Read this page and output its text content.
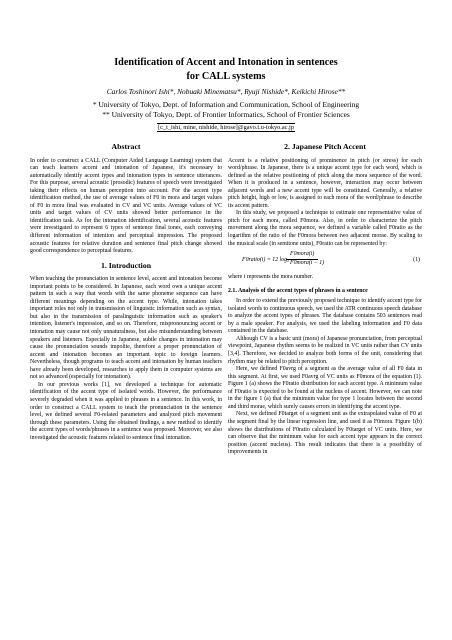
Identification of Accent and Intonation in sentences
for CALL systems
Carlos Toshinori Ishi*, Nobuaki Minematsu*, Ryuji Nishide*, Keikichi Hirose**
* University of Tokyo, Dept. of Information and Communication, School of Engineering
** University of Tokyo, Dept. of Frontier Informatics, School of Frontier Sciences
[c_t_ishi, mine, nishide, hirose]@gavo.t.u-tokyo.ac.jp
Abstract

In order to construct a CALL (Computer Aided Language Learning) system that can teach learners accent and intonation of Japanese, it's necessary to automatically identify accent types and intonation types in sentence utterances. For this purpose, several acoustic (prosodic) features of speech were investigated taking their effects on human perception into account. For the accent type identification method, the use of average values of F0 in mora and target values of F0 in mora final was evaluated in CV and VC units. Average values of VC units and target values of CV units showed better performance in the identification task. As for the intonation identification, several acoustic features were investigated to represent 6 types of sentence final tones, each conveying different information of intention and perceptual impression. The proposed acoustic features for relative duration and sentence final pitch change showed good correspondence to perceptual features.

1. Introduction

When teaching the pronunciation in sentence level, accent and intonation become important points to be considered. In Japanese, each word own a unique accent pattern in such a way that words with the same phoneme sequence can have different meanings depending on the accent type. While, intonation takes important roles not only in transmission of linguistic information such as syntax, but also in the transmission of paralinguistic information such as speaker's intention, listener's impression, and so on. Therefore, mispronouncing accent or intonation may cause not only unnaturalness, but also misunderstanding between speakers and listeners. Especially in Japanese, subtle changes in intonation may cause the pronunciation sounds impolite, therefore a proper pronunciation of accent and intonation becomes an important topic to foreign learners. Nevertheless, though programs to teach accent and intonation by human teachers have already been developed, researches to apply them in computer systems are not so advanced (especially for intonation).

In our previous works [1], we developed a technique for automatic identification of the accent type of isolated words. However, the performance severely degraded when it was applied to phrases in a sentence. In this work, in order to construct a CALL system to teach the pronunciation in the sentence level, we defined several F0-related parameters and analyzed pitch movement through these parameters. Using the obtained findings, a new method to identify the accent types of words/phrases in a sentence was proposed. Moreover, we also investigated the acoustic features related to sentence final intonation.

2. Japanese Pitch Accent

Accent is a relative positioning of prominence in pitch (or stress) for each word/phrase. In Japanese, there is a unique accent type for each word, which is defined as the relative positioning of pitch along the mora sequence of the word. When it is produced in a sentence, however, interaction may occur between adjacent words and a new accent type will be constituted. Generally, a relative pitch height, high or low, is assigned to each mora of the word/phrase to describe its accent pattern.

In this study, we proposed a technique to estimate one representative value of pitch for each mora, called F0mora. Also, in order to characterize the pitch movement along the mora sequence, we defined a variable called F0ratio as the logarithm of the ratio of the F0mora between two adjacent morae. By scaling to the musical scale (in semitone units), F0ratio can be represented by:

F0ratio(i) = 12 log₂
F0mora(i)
F0mora(i − 1)	(1)

where i represents the mora number.

2.1. Analysis of the accent types of phrases in a sentence

In order to extend the previously proposed technique to identify accent type for isolated words to continuous speech, we used the ATR continuous speech database to analyze the accent types of phrases. The database contains 503 sentences read by a male speaker. For analysis, we used the labeling information and F0 data contained in the database.

Although CV is a basic unit (mora) of Japanese pronunciation, from perceptual viewpoint, Japanese rhythm seems to be realized in VC units rather than CV units [3,4]. Therefore, we decided to analyze both forms of the unit, considering that rhythm may be related to pitch perception.

Here, we defined F0avrg of a segment as the average value of all F0 data in this segment. At first, we used F0avrg of VC units as F0mora of the equation (1). Figure 1 (a) shows the F0ratio distribution for each accent type. A minimum value of F0ratio is expected to be found at the nucleus of accent. However, we can note in the figure 1 (a) that the minimum value for type 1 locates between the second and third morae, which surely causes errors in identifying the accent type.

Next, we defined F0target of a segment unit as the extrapolated value of F0 at the segment final by the linear regression line, and used it as F0mora. Figure 1(b) shows the distributions of F0ratio calculated by F0target of VC units. Here, we can observe that the minimum value for each accent type appears in the correct position (accent nucleus). This result indicates that there is a possibility of improvements in
